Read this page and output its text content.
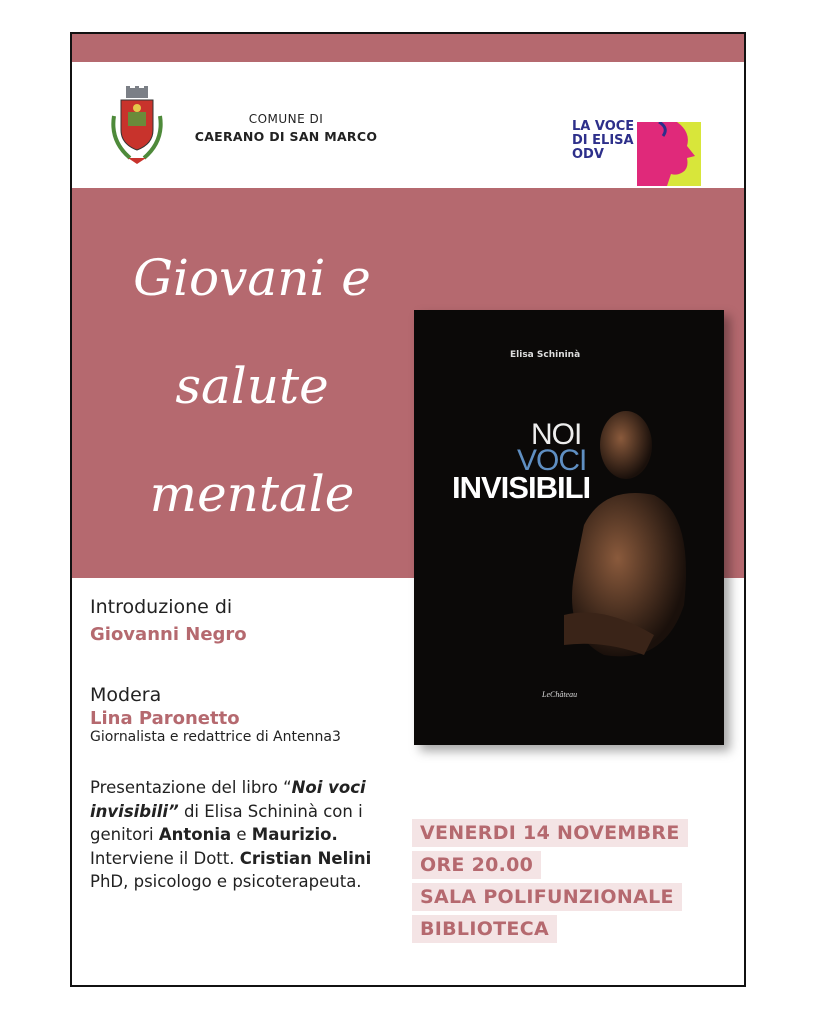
COMUNE DI
CAERANO DI SAN MARCO
LA VOCE
DI ELISA
ODV
Giovani e
salute
mentale
Elisa Schininà
NOI
VOCI
INVISIBILI
LeChâteau
Introduzione di
Giovanni Negro
Modera
Lina Paronetto
Giornalista e redattrice di Antenna3
Presentazione del libro “Noi voci invisibili” di Elisa Schininà con i genitori Antonia e Maurizio. Interviene il Dott. Cristian Nelini PhD, psicologo e psicoterapeuta.
VENERDI 14 NOVEMBRE
ORE 20.00
SALA POLIFUNZIONALE
BIBLIOTECA
